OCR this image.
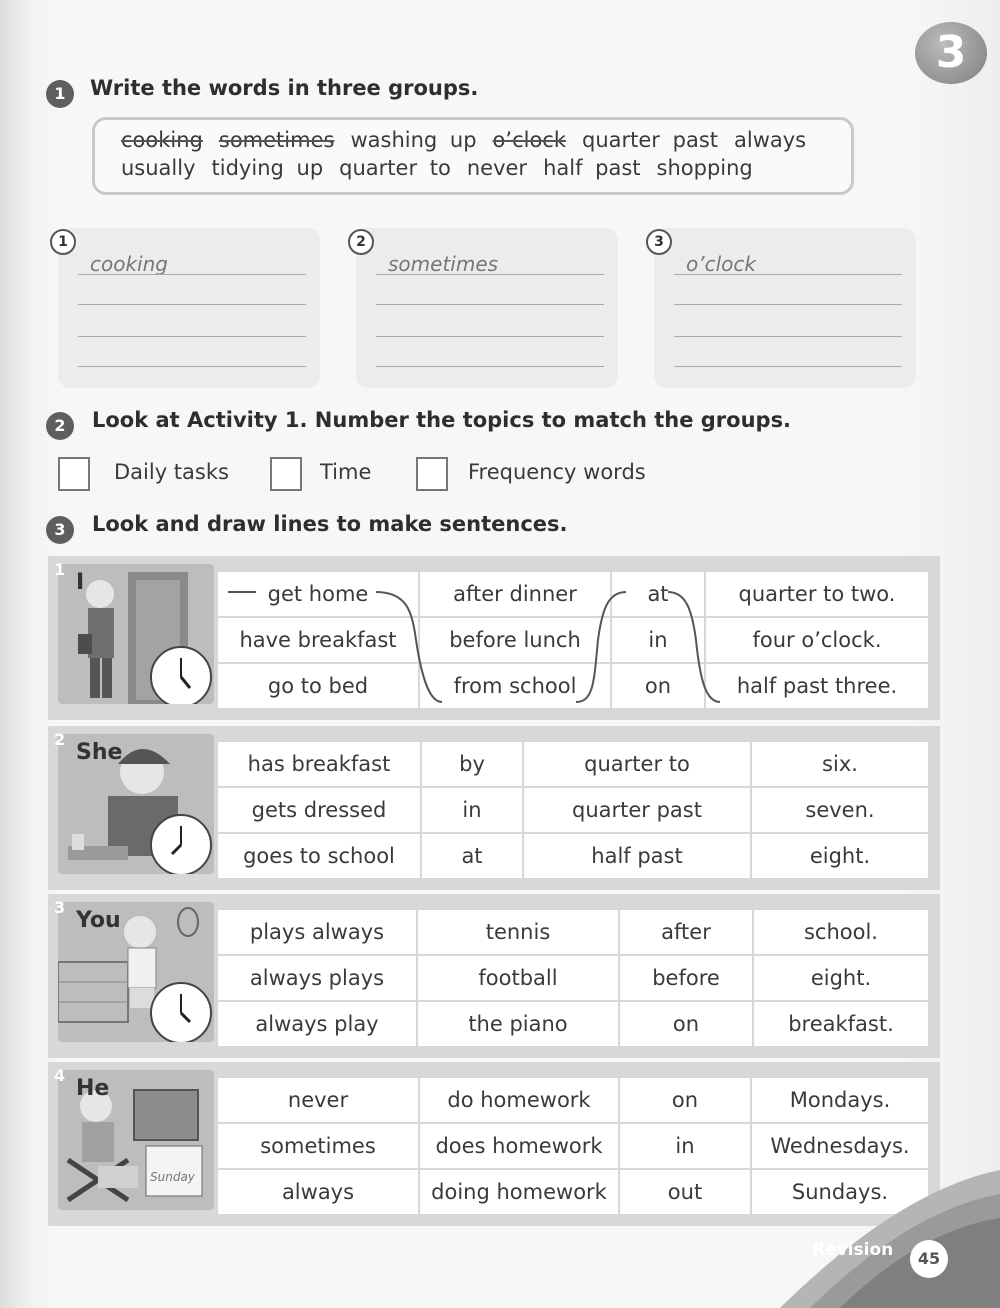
3
1	Write the words in three groups.
cooking sometimes washing up o’clock quarter past always
usually tidying up quarter to never half past shopping
cooking
1
sometimes
2
o’clock
3
2	Look at Activity 1. Number the topics to match the groups.
Daily tasks	Time	Frequency words
3	Look and draw lines to make sentences.
1
I	get home	after dinner	at	quarter to two.
have breakfast	before lunch	in	four o’clock.
go to bed	from school	on	half past three.
2
She	has breakfast	by	quarter to	six.
gets dressed	in	quarter past	seven.
goes to school	at	half past	eight.
3
You	plays always	tennis	after	school.
always plays	football	before	eight.
always play	the piano	on	breakfast.
Sunday
4
He	never	do homework	on	Mondays.
sometimes	does homework	in	Wednesdays.
always	doing homework	out	Sundays.
Revision	45
